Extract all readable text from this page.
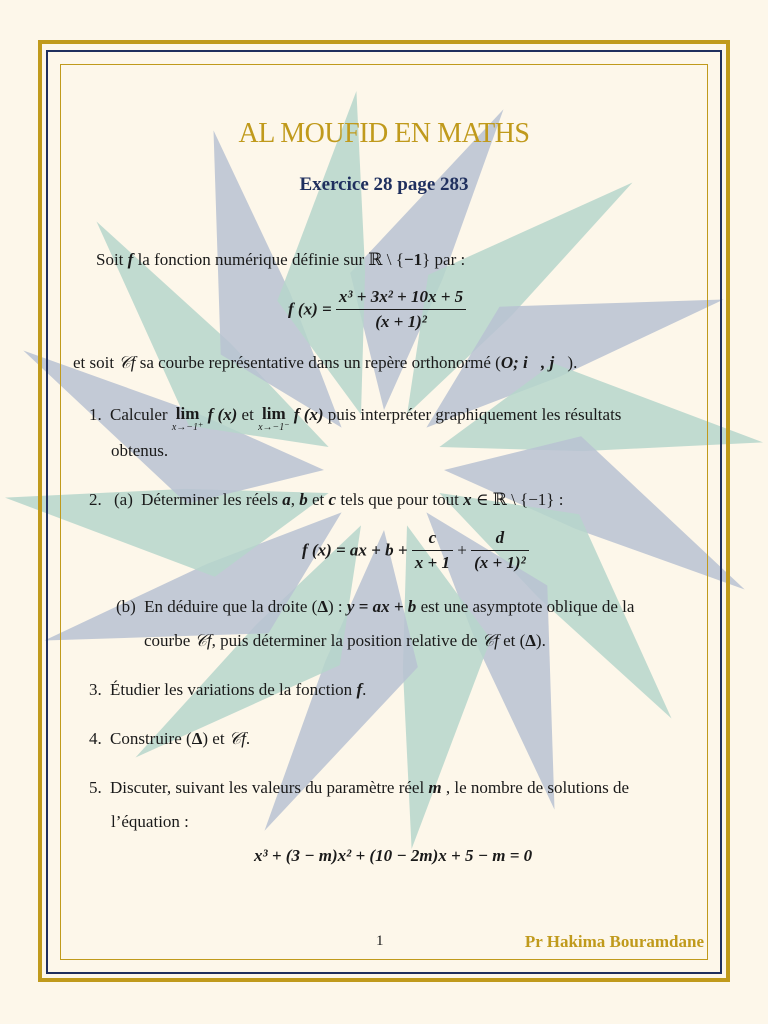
AL MOUFID EN MATHS
Exercice 28 page 283
Soit f la fonction numérique définie sur ℝ \ {−1} par :
f $(x) = \frac{\text{x³ + 3x² + 10x + 5}}{\text{(x + 1)²}}$
et soit 𝒞f sa courbe représentative dans un repère orthonormé (O; i⃗, j⃗).
1. Calculer lim
x→−1⁺
f (x) et lim
x→−1⁻
f (x) puis interpréter graphiquement les résultats
obtenus.
2. (a) Déterminer les réels a, b et c tels que pour tout x ∈ ℝ \ {−1} :
f (x) = ax + $b + \frac{c}{x + 1} + \frac{d}{\text{(x + 1)²}}$
(b) En déduire que la droite (Δ) : y = ax + b est une asymptote oblique de la
courbe 𝒞f, puis déterminer la position relative de 𝒞f et (Δ).
3. Étudier les variations de la fonction f.
4. Construire (Δ) et 𝒞f.
5. Discuter, suivant les valeurs du paramètre réel m , le nombre de solutions de
l’équation :
x³ + (3 − m)x² + (10 − 2m)x + 5 − m = 0
1	Pr Hakima Bouramdane
